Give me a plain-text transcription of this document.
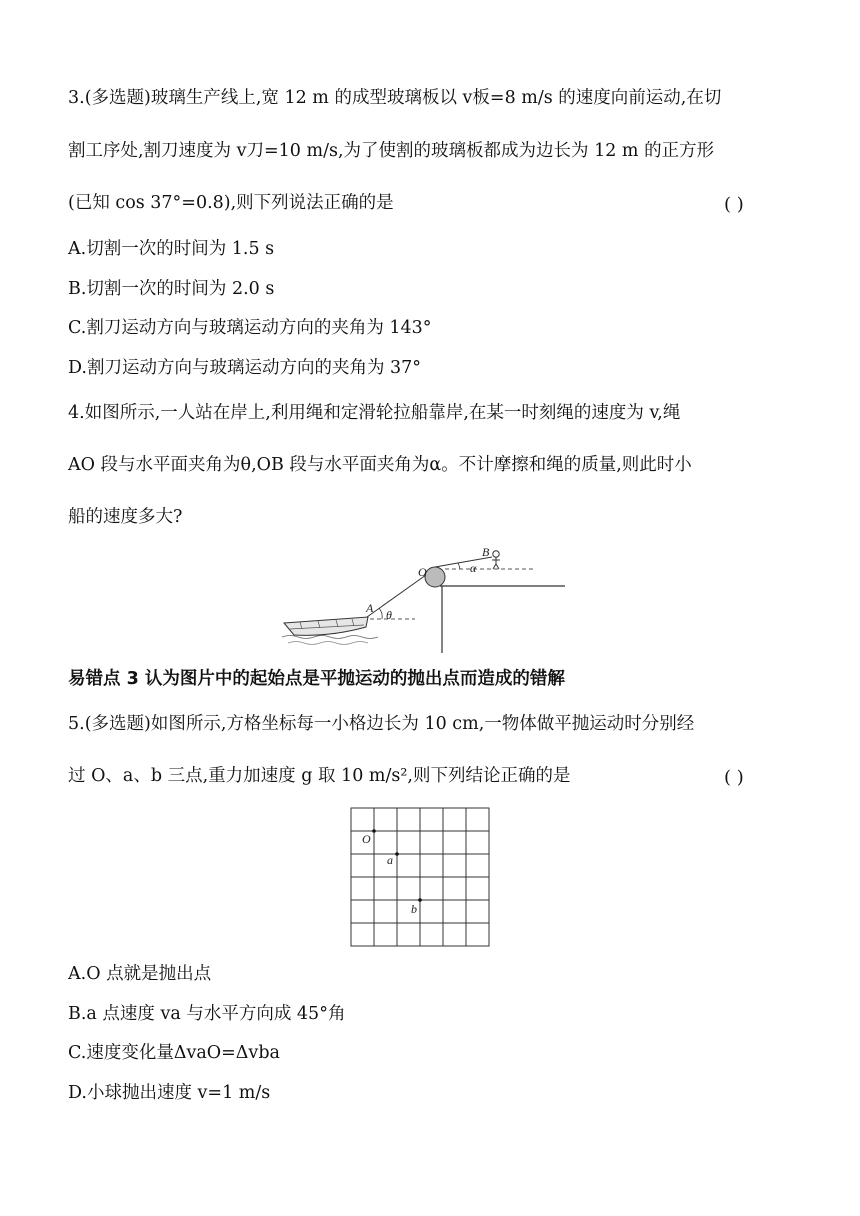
3.(多选题)玻璃生产线上,宽 12 m 的成型玻璃板以 v板=8 m/s 的速度向前运动,在切
割工序处,割刀速度为 v刀=10 m/s,为了使割的玻璃板都成为边长为 12 m 的正方形
(已知 cos 37°=0.8),则下列说法正确的是	( )
A.切割一次的时间为 1.5 s
B.切割一次的时间为 2.0 s
C.割刀运动方向与玻璃运动方向的夹角为 143°
D.割刀运动方向与玻璃运动方向的夹角为 37°
4.如图所示,一人站在岸上,利用绳和定滑轮拉船靠岸,在某一时刻绳的速度为 v,绳
AO 段与水平面夹角为θ,OB 段与水平面夹角为α。不计摩擦和绳的质量,则此时小
船的速度多大?
B
O
A
α
θ
易错点 3 认为图片中的起始点是平抛运动的抛出点而造成的错解
5.(多选题)如图所示,方格坐标每一小格边长为 10 cm,一物体做平抛运动时分别经
过 O、a、b 三点,重力加速度 g 取 10 m/s²,则下列结论正确的是	( )
O
a
b
A.O 点就是抛出点
B.a 点速度 va 与水平方向成 45°角
C.速度变化量ΔvaO=Δvba
D.小球抛出速度 v=1 m/s
